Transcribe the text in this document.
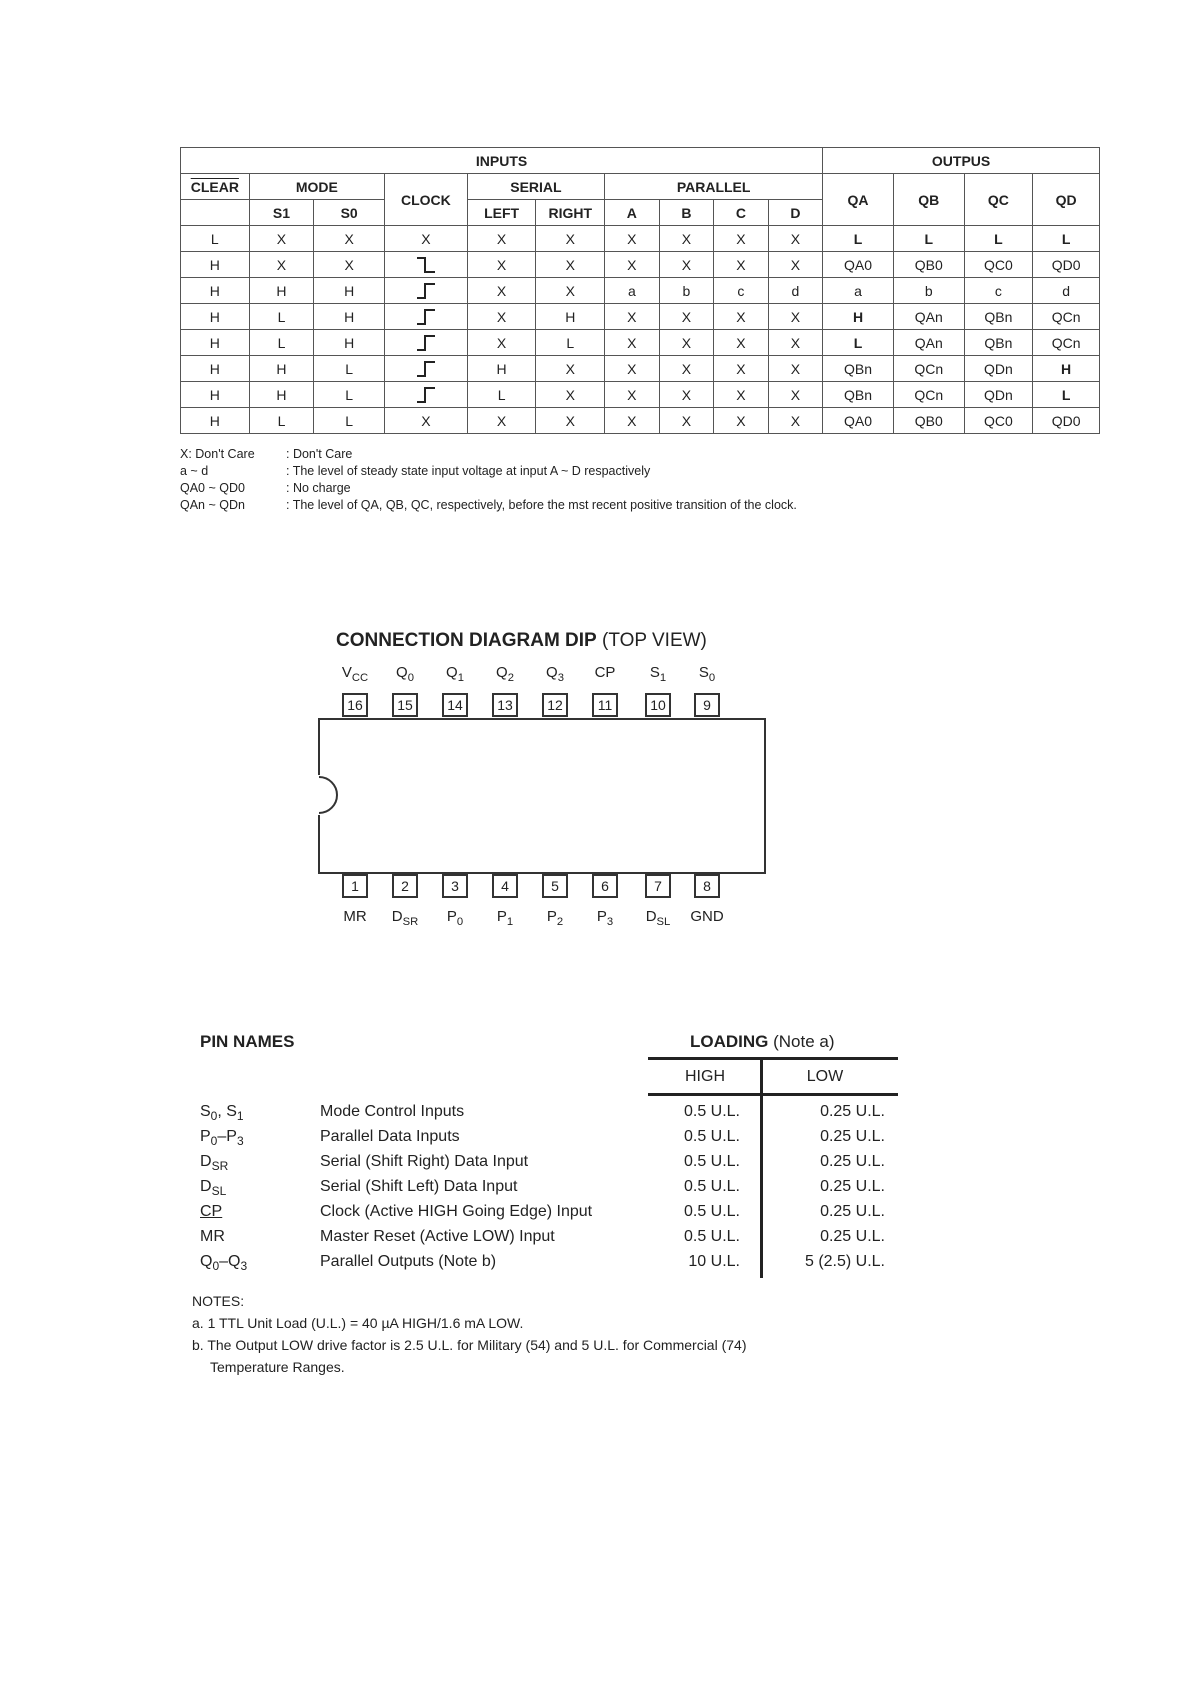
INPUTS										OUTPUS			
CLEAR	MODE		CLOCK	SERIAL		PARALLEL				QA	QB	QC	QD
	S1	S0		LEFT	RIGHT	A	B	C	D				
L	X	X	X	X	X	X	X	X	X	L	L	L	L
H	X	X		X	X	X	X	X	X	QA0	QB0	QC0	QD0
H	H	H		X	X	a	b	c	d	a	b	c	d
H	L	H		X	H	X	X	X	X	H	QAn	QBn	QCn
H	L	H		X	L	X	X	X	X	L	QAn	QBn	QCn
H	H	L		H	X	X	X	X	X	QBn	QCn	QDn	H
H	H	L		L	X	X	X	X	X	QBn	QCn	QDn	L
H	L	L	X	X	X	X	X	X	X	QA0	QB0	QC0	QD0
X: Don't Care	: Don't Care
a ~ d	: The level of steady state input voltage at input A ~ D respactively
QA0 ~ QD0	: No charge
QAn ~ QDn	: The level of QA, QB, QC, respectively, before the mst recent positive transition of the clock.
CONNECTION DIAGRAM DIP (TOP VIEW)
16
$V_{CC}$
15
$Q_0$
14
$Q_1$
13
$Q_2$
12
$Q_3$
11
CP
10
$S_1$
9
$S_0$
1
MR
2
$D_{SR}$
3
$P_0$
4
$P_1$
5
$P_2$
6
$P_3$
7
$D_{SL}$
8
GND
PIN NAMES	LOADING (Note a)
HIGH	LOW
$S_0$, $S_1$	Mode Control Inputs	0.5 U.L.	0.25 U.L.
$P_0-P_3$	Parallel Data Inputs	0.5 U.L.	0.25 U.L.
$D_{SR}$	Serial (Shift Right) Data Input	0.5 U.L.	0.25 U.L.
$D_{SL}$	Serial (Shift Left) Data Input	0.5 U.L.	0.25 U.L.
CP	Clock (Active HIGH Going Edge) Input	0.5 U.L.	0.25 U.L.
MR	Master Reset (Active LOW) Input	0.5 U.L.	0.25 U.L.
$Q_0-Q_3$	Parallel Outputs (Note b)	10 U.L.	5 (2.5) U.L.
NOTES:
a. 1 TTL Unit Load (U.L.) = 40 µA HIGH/1.6 mA LOW.
b. The Output LOW drive factor is 2.5 U.L. for Military (54) and 5 U.L. for Commercial (74)
Temperature Ranges.
